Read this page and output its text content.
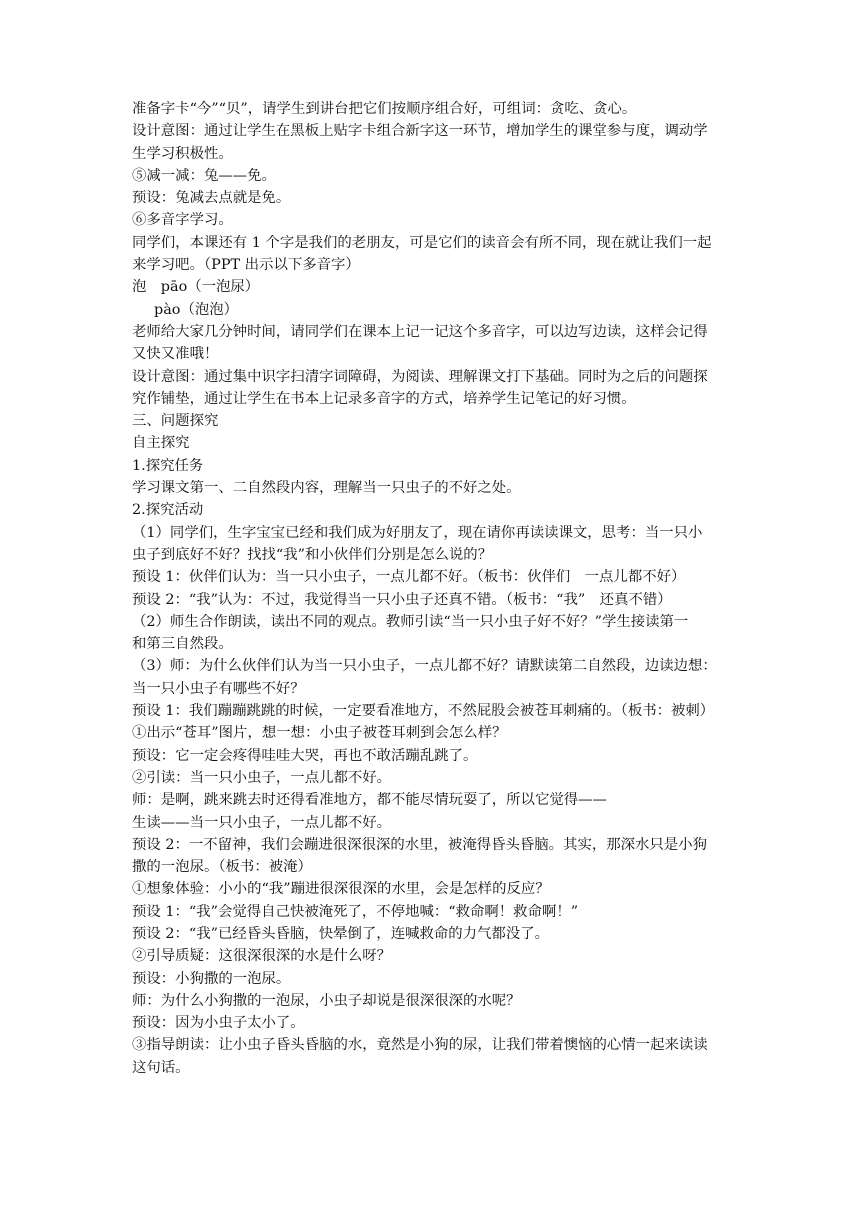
准备字卡“今”“贝”，请学生到讲台把它们按顺序组合好，可组词：贪吃、贪心。

设计意图：通过让学生在黑板上贴字卡组合新字这一环节，增加学生的课堂参与度，调动学

生学习积极性。

⑤减一减：兔——免。

预设：兔减去点就是免。

⑥多音字学习。

同学们，本课还有 1 个字是我们的老朋友，可是它们的读音会有所不同，现在就让我们一起

来学习吧。（PPT 出示以下多音字）

泡　pāo（一泡尿）

pào（泡泡）

老师给大家几分钟时间，请同学们在课本上记一记这个多音字，可以边写边读，这样会记得

又快又准哦！

设计意图：通过集中识字扫清字词障碍，为阅读、理解课文打下基础。同时为之后的问题探

究作铺垫，通过让学生在书本上记录多音字的方式，培养学生记笔记的好习惯。

三、问题探究

自主探究

1.探究任务

学习课文第一、二自然段内容，理解当一只虫子的不好之处。

2.探究活动

（1）同学们，生字宝宝已经和我们成为好朋友了，现在请你再读读课文，思考：当一只小

虫子到底好不好？找找“我”和小伙伴们分别是怎么说的？

预设 1：伙伴们认为：当一只小虫子，一点儿都不好。（板书：伙伴们　一点儿都不好）

预设 2：“我”认为：不过，我觉得当一只小虫子还真不错。（板书：“我”　还真不错）

（2）师生合作朗读，读出不同的观点。教师引读“当一只小虫子好不好？”学生接读第一

和第三自然段。

（3）师：为什么伙伴们认为当一只小虫子，一点儿都不好？请默读第二自然段，边读边想：

当一只小虫子有哪些不好？

预设 1：我们蹦蹦跳跳的时候，一定要看准地方，不然屁股会被苍耳刺痛的。（板书：被刺）

①出示“苍耳”图片，想一想：小虫子被苍耳刺到会怎么样？

预设：它一定会疼得哇哇大哭，再也不敢活蹦乱跳了。

②引读：当一只小虫子，一点儿都不好。

师：是啊，跳来跳去时还得看准地方，都不能尽情玩耍了，所以它觉得——

生读——当一只小虫子，一点儿都不好。

预设 2：一不留神，我们会蹦进很深很深的水里，被淹得昏头昏脑。其实，那深水只是小狗

撒的一泡尿。（板书：被淹）

①想象体验：小小的“我”蹦进很深很深的水里，会是怎样的反应？

预设 1：“我”会觉得自己快被淹死了，不停地喊：“救命啊！救命啊！”

预设 2：“我”已经昏头昏脑，快晕倒了，连喊救命的力气都没了。

②引导质疑：这很深很深的水是什么呀？

预设：小狗撒的一泡尿。

师：为什么小狗撒的一泡尿，小虫子却说是很深很深的水呢？

预设：因为小虫子太小了。

③指导朗读：让小虫子昏头昏脑的水，竟然是小狗的尿，让我们带着懊恼的心情一起来读读

这句话。
